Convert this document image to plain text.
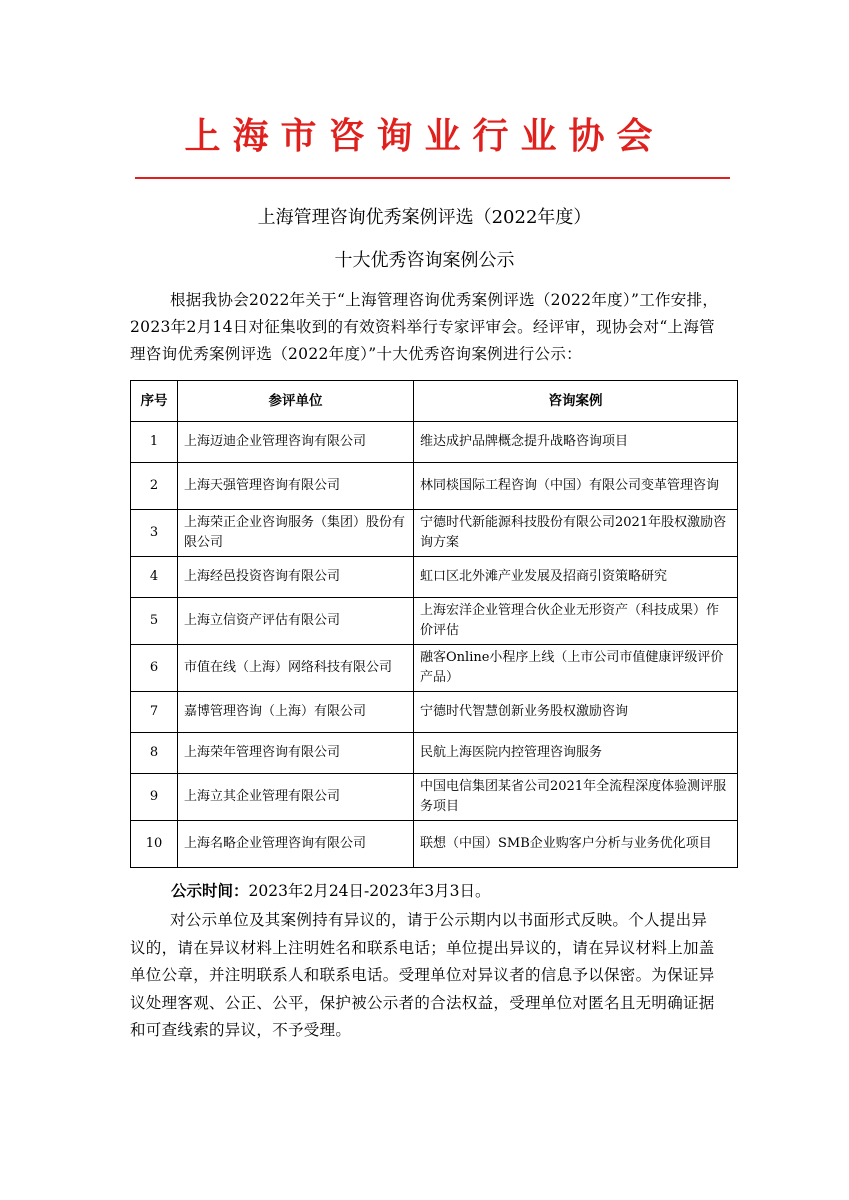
上海市咨询业行业协会
上海管理咨询优秀案例评选（2022年度）
十大优秀咨询案例公示

根据我协会2022年关于“上海管理咨询优秀案例评选（2022年度）”工作安排，2023年2月14日对征集收到的有效资料举行专家评审会。经评审，现协会对“上海管理咨询优秀案例评选（2022年度）”十大优秀咨询案例进行公示：

序号	参评单位	咨询案例
1	上海迈迪企业管理咨询有限公司	维达成护品牌概念提升战略咨询项目
2	上海天强管理咨询有限公司	林同棪国际工程咨询（中国）有限公司变革管理咨询
3	上海荣正企业咨询服务（集团）股份有限公司	宁德时代新能源科技股份有限公司2021年股权激励咨询方案
4	上海经邑投资咨询有限公司	虹口区北外滩产业发展及招商引资策略研究
5	上海立信资产评估有限公司	上海宏洋企业管理合伙企业无形资产（科技成果）作价评估
6	市值在线（上海）网络科技有限公司	融客Online小程序上线（上市公司市值健康评级评价产品）
7	嘉博管理咨询（上海）有限公司	宁德时代智慧创新业务股权激励咨询
8	上海荣年管理咨询有限公司	民航上海医院内控管理咨询服务
9	上海立其企业管理有限公司	中国电信集团某省公司2021年全流程深度体验测评服务项目
10	上海名略企业管理咨询有限公司	联想（中国）SMB企业购客户分析与业务优化项目
公示时间：2023年2月24日-2023年3月3日。

对公示单位及其案例持有异议的，请于公示期内以书面形式反映。个人提出异议的，请在异议材料上注明姓名和联系电话；单位提出异议的，请在异议材料上加盖单位公章，并注明联系人和联系电话。受理单位对异议者的信息予以保密。为保证异议处理客观、公正、公平，保护被公示者的合法权益，受理单位对匿名且无明确证据和可查线索的异议，不予受理。
